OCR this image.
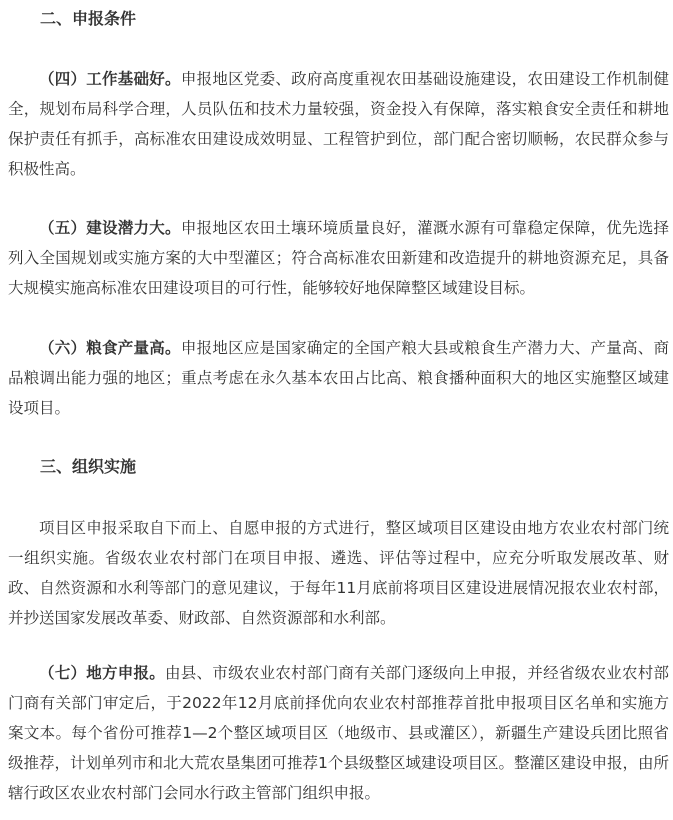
二、申报条件

（四）工作基础好。申报地区党委、政府高度重视农田基础设施建设，农田建设工作机制健全，规划布局科学合理，人员队伍和技术力量较强，资金投入有保障，落实粮食安全责任和耕地保护责任有抓手，高标准农田建设成效明显、工程管护到位，部门配合密切顺畅，农民群众参与积极性高。

（五）建设潜力大。申报地区农田土壤环境质量良好，灌溉水源有可靠稳定保障，优先选择列入全国规划或实施方案的大中型灌区；符合高标准农田新建和改造提升的耕地资源充足，具备大规模实施高标准农田建设项目的可行性，能够较好地保障整区域建设目标。

（六）粮食产量高。申报地区应是国家确定的全国产粮大县或粮食生产潜力大、产量高、商品粮调出能力强的地区；重点考虑在永久基本农田占比高、粮食播种面积大的地区实施整区域建设项目。

三、组织实施

项目区申报采取自下而上、自愿申报的方式进行，整区域项目区建设由地方农业农村部门统一组织实施。省级农业农村部门在项目申报、遴选、评估等过程中，应充分听取发展改革、财政、自然资源和水利等部门的意见建议，于每年11月底前将项目区建设进展情况报农业农村部，并抄送国家发展改革委、财政部、自然资源部和水利部。

（七）地方申报。由县、市级农业农村部门商有关部门逐级向上申报，并经省级农业农村部门商有关部门审定后，于2022年12月底前择优向农业农村部推荐首批申报项目区名单和实施方案文本。每个省份可推荐1—2个整区域项目区（地级市、县或灌区），新疆生产建设兵团比照省级推荐，计划单列市和北大荒农垦集团可推荐1个县级整区域建设项目区。整灌区建设申报，由所辖行政区农业农村部门会同水行政主管部门组织申报。
